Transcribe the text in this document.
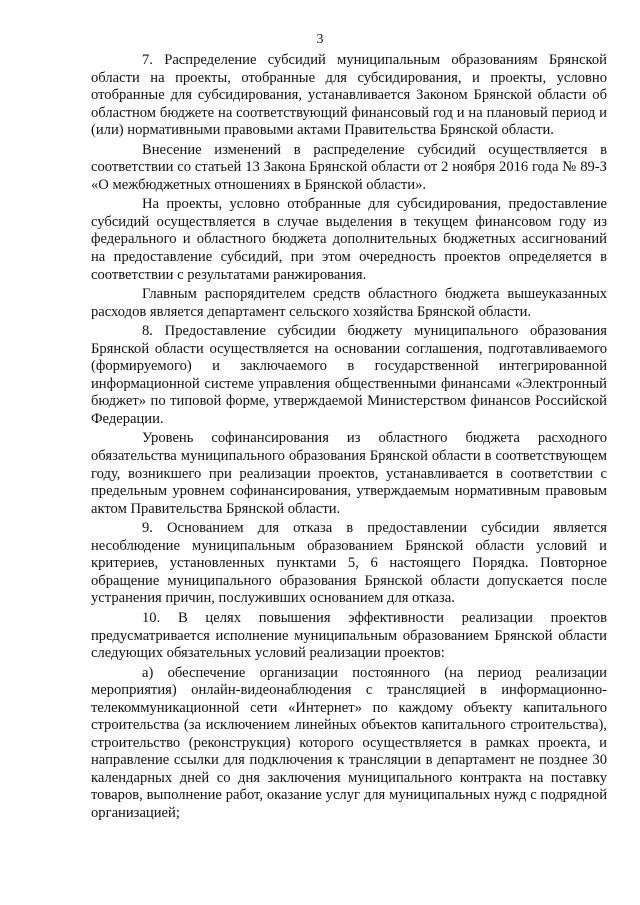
3

7. Распределение субсидий муниципальным образованиям Брянской области на проекты, отобранные для субсидирования, и проекты, условно отобранные для субсидирования, устанавливается Законом Брянской области об областном бюджете на соответствующий финансовый год и на плановый период и (или) нормативными правовыми актами Правительства Брянской области.

Внесение изменений в распределение субсидий осуществляется в соответствии со статьей 13 Закона Брянской области от 2 ноября 2016 года № 89-З «О межбюджетных отношениях в Брянской области».

На проекты, условно отобранные для субсидирования, предоставление субсидий осуществляется в случае выделения в текущем финансовом году из федерального и областного бюджета дополнительных бюджетных ассигнований на предоставление субсидий, при этом очередность проектов определяется в соответствии с результатами ранжирования.

Главным распорядителем средств областного бюджета вышеуказанных расходов является департамент сельского хозяйства Брянской области.

8. Предоставление субсидии бюджету муниципального образования Брянской области осуществляется на основании соглашения, подготавливаемого (формируемого) и заключаемого в государственной интегрированной информационной системе управления общественными финансами «Электронный бюджет» по типовой форме, утверждаемой Министерством финансов Российской Федерации.

Уровень софинансирования из областного бюджета расходного обязательства муниципального образования Брянской области в соответствующем году, возникшего при реализации проектов, устанавливается в соответствии с предельным уровнем софинансирования, утверждаемым нормативным правовым актом Правительства Брянской области.

9. Основанием для отказа в предоставлении субсидии является несоблюдение муниципальным образованием Брянской области условий и критериев, установленных пунктами 5, 6 настоящего Порядка. Повторное обращение муниципального образования Брянской области допускается после устранения причин, послуживших основанием для отказа.

10. В целях повышения эффективности реализации проектов предусматривается исполнение муниципальным образованием Брянской области следующих обязательных условий реализации проектов:

а) обеспечение организации постоянного (на период реализации мероприятия) онлайн-видеонаблюдения с трансляцией в информационно-телекоммуникационной сети «Интернет» по каждому объекту капитального строительства (за исключением линейных объектов капитального строительства), строительство (реконструкция) которого осуществляется в рамках проекта, и направление ссылки для подключения к трансляции в департамент не позднее 30 календарных дней со дня заключения муниципального контракта на поставку товаров, выполнение работ, оказание услуг для муниципальных нужд с подрядной организацией;
